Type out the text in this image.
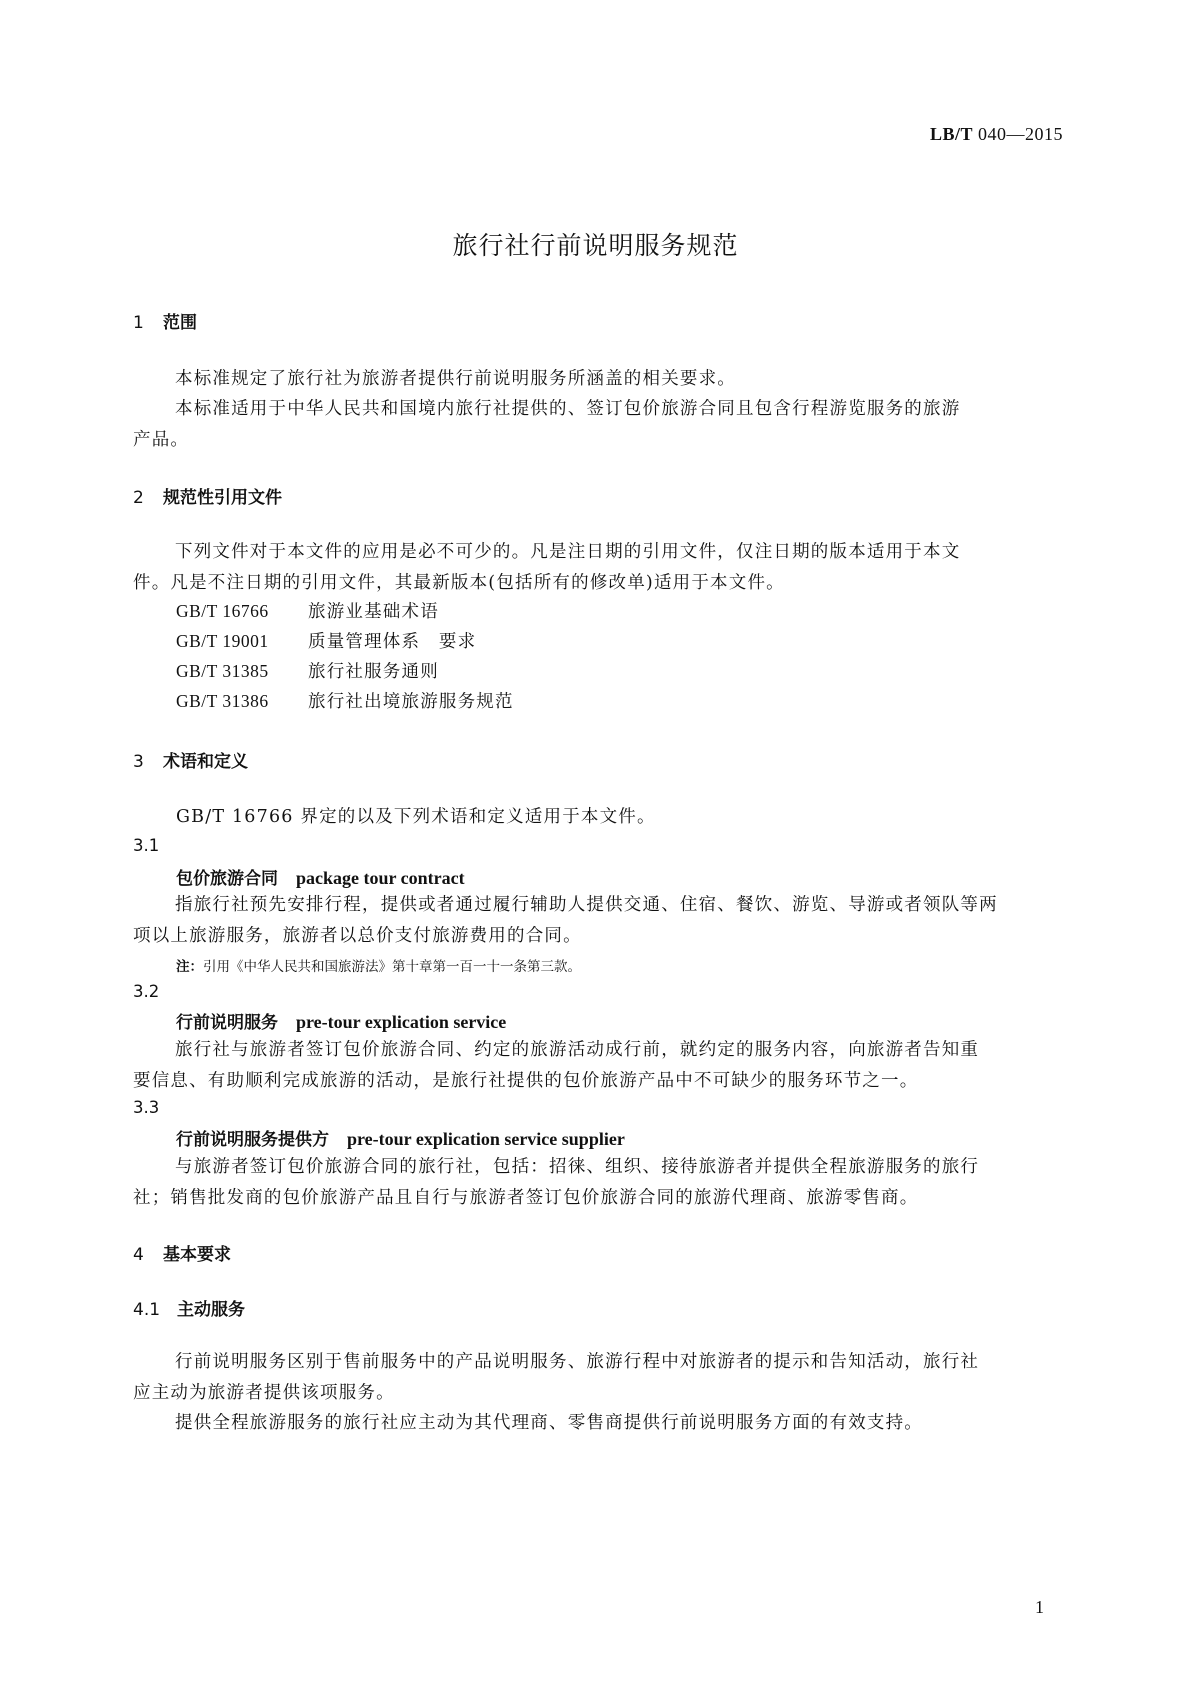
LB/T 040—2015
旅行社行前说明服务规范
1 范围
本标准规定了旅行社为旅游者提供行前说明服务所涵盖的相关要求。
本标准适用于中华人民共和国境内旅行社提供的、签订包价旅游合同且包含行程游览服务的旅游
产品。
2 规范性引用文件
下列文件对于本文件的应用是必不可少的。凡是注日期的引用文件，仅注日期的版本适用于本文
件。凡是不注日期的引用文件，其最新版本(包括所有的修改单)适用于本文件。
GB/T 16766 旅游业基础术语
GB/T 19001 质量管理体系　要求
GB/T 31385 旅行社服务通则
GB/T 31386 旅行社出境旅游服务规范
3 术语和定义
GB/T 16766 界定的以及下列术语和定义适用于本文件。
3.1
包价旅游合同 package tour contract
指旅行社预先安排行程，提供或者通过履行辅助人提供交通、住宿、餐饮、游览、导游或者领队等两
项以上旅游服务，旅游者以总价支付旅游费用的合同。
注：引用《中华人民共和国旅游法》第十章第一百一十一条第三款。
3.2
行前说明服务 pre-tour explication service
旅行社与旅游者签订包价旅游合同、约定的旅游活动成行前，就约定的服务内容，向旅游者告知重
要信息、有助顺利完成旅游的活动，是旅行社提供的包价旅游产品中不可缺少的服务环节之一。
3.3
行前说明服务提供方 pre-tour explication service supplier
与旅游者签订包价旅游合同的旅行社，包括：招徕、组织、接待旅游者并提供全程旅游服务的旅行
社；销售批发商的包价旅游产品且自行与旅游者签订包价旅游合同的旅游代理商、旅游零售商。
4 基本要求
4.1 主动服务
行前说明服务区别于售前服务中的产品说明服务、旅游行程中对旅游者的提示和告知活动，旅行社
应主动为旅游者提供该项服务。
提供全程旅游服务的旅行社应主动为其代理商、零售商提供行前说明服务方面的有效支持。
1
